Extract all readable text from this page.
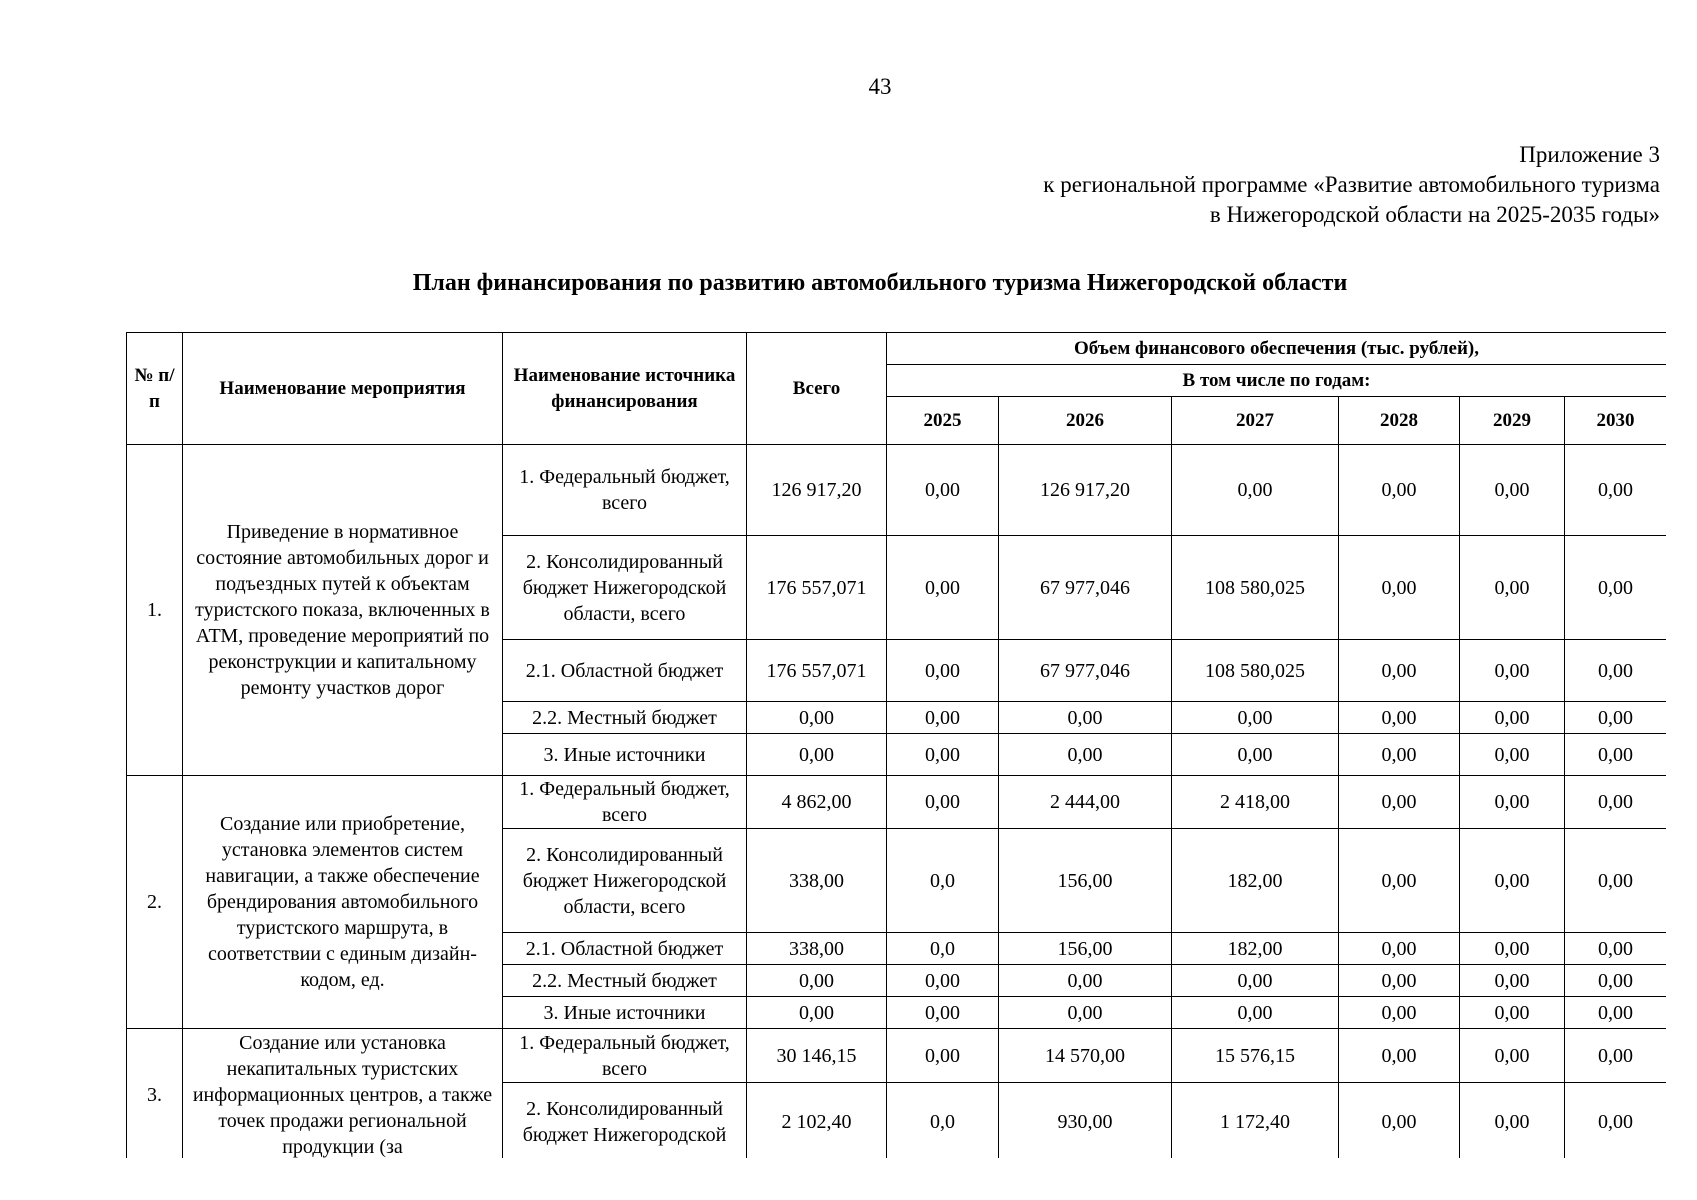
43
Приложение 3
к региональной программе «Развитие автомобильного туризма
в Нижегородской области на 2025-2035 годы»
План финансирования по развитию автомобильного туризма Нижегородской области
№ п/п	Наименование мероприятия	Наименование источника финансирования	Всего	Объем финансового обеспечения (тыс. рублей),					
				В том числе по годам:					
				2025	2026	2027	2028	2029	2030
1.	Приведение в нормативное состояние автомобильных дорог и подъездных путей к объектам туристского показа, включенных в АТМ, проведение мероприятий по реконструкции и капитальному ремонту участков дорог	1. Федеральный бюджет, всего	126 917,20	0,00	126 917,20	0,00	0,00	0,00	0,00
		2. Консолидированный бюджет Нижегородской области, всего	176 557,071	0,00	67 977,046	108 580,025	0,00	0,00	0,00
		2.1. Областной бюджет	176 557,071	0,00	67 977,046	108 580,025	0,00	0,00	0,00
		2.2. Местный бюджет	0,00	0,00	0,00	0,00	0,00	0,00	0,00
		3. Иные источники	0,00	0,00	0,00	0,00	0,00	0,00	0,00
2.	Создание или приобретение, установка элементов систем навигации, а также обеспечение брендирования автомобильного туристского маршрута, в соответствии с единым дизайн-кодом, ед.	1. Федеральный бюджет, всего	4 862,00	0,00	2 444,00	2 418,00	0,00	0,00	0,00
		2. Консолидированный бюджет Нижегородской области, всего	338,00	0,0	156,00	182,00	0,00	0,00	0,00
		2.1. Областной бюджет	338,00	0,0	156,00	182,00	0,00	0,00	0,00
		2.2. Местный бюджет	0,00	0,00	0,00	0,00	0,00	0,00	0,00
		3. Иные источники	0,00	0,00	0,00	0,00	0,00	0,00	0,00
3.	Создание или установка некапитальных туристских информационных центров, а также точек продажи региональной продукции (за	1. Федеральный бюджет, всего	30 146,15	0,00	14 570,00	15 576,15	0,00	0,00	0,00
		2. Консолидированный бюджет Нижегородской	2 102,40	0,0	930,00	1 172,40	0,00	0,00	0,00
